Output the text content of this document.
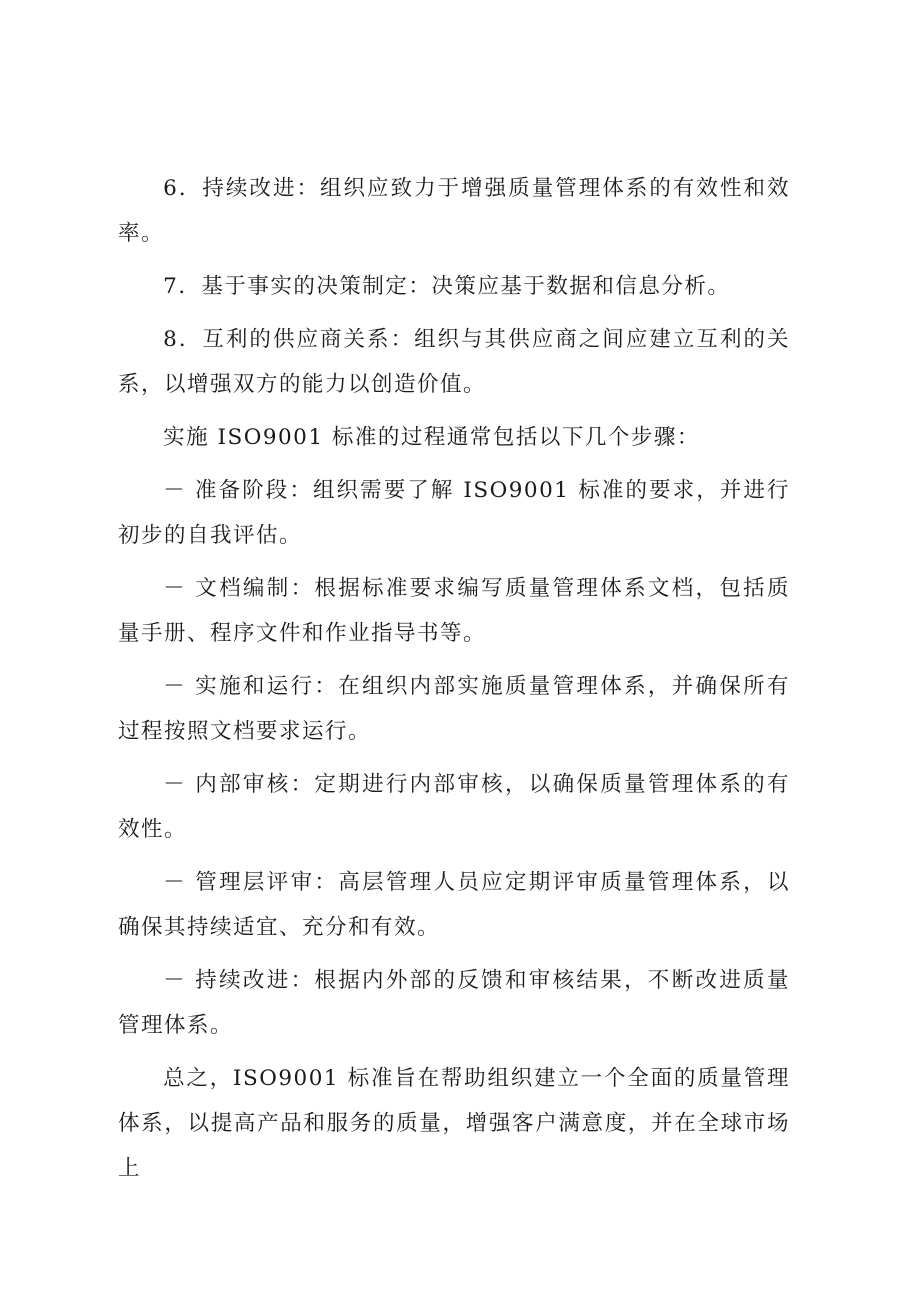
6．持续改进：组织应致力于增强质量管理体系的有效性和效率。

7．基于事实的决策制定：决策应基于数据和信息分析。

8．互利的供应商关系：组织与其供应商之间应建立互利的关系，以增强双方的能力以创造价值。

实施 ISO9001 标准的过程通常包括以下几个步骤：

－ 准备阶段：组织需要了解 ISO9001 标准的要求，并进行初步的自我评估。

－ 文档编制：根据标准要求编写质量管理体系文档，包括质量手册、程序文件和作业指导书等。

－ 实施和运行：在组织内部实施质量管理体系，并确保所有过程按照文档要求运行。

－ 内部审核：定期进行内部审核，以确保质量管理体系的有效性。

－ 管理层评审：高层管理人员应定期评审质量管理体系，以确保其持续适宜、充分和有效。

－ 持续改进：根据内外部的反馈和审核结果，不断改进质量管理体系。

总之，ISO9001 标准旨在帮助组织建立一个全面的质量管理体系，以提高产品和服务的质量，增强客户满意度，并在全球市场上
